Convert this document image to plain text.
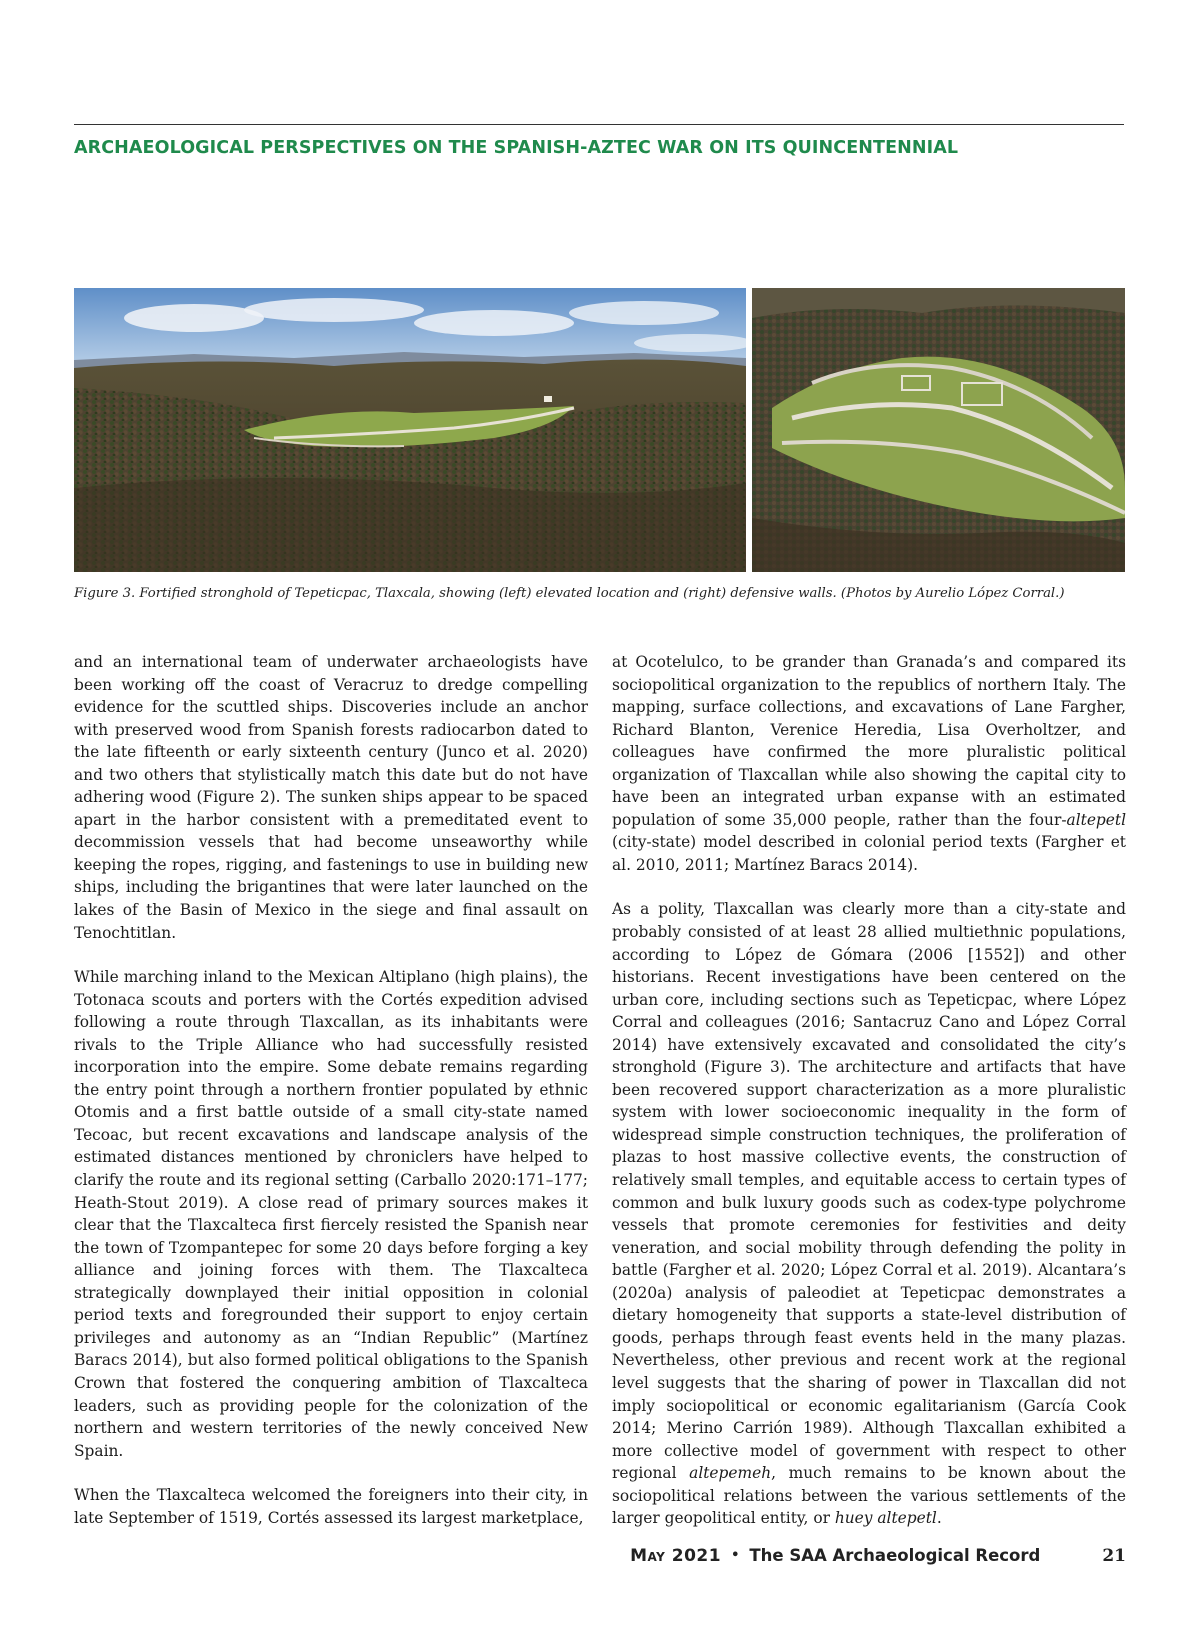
ARCHAEOLOGICAL PERSPECTIVES ON THE SPANISH-AZTEC WAR ON ITS QUINCENTENNIAL

Figure 3. Fortified stronghold of Tepeticpac, Tlaxcala, showing (left) elevated location and (right) defensive walls. (Photos by Aurelio López Corral.)

and an international team of underwater archaeologists have been working off the coast of Veracruz to dredge compelling evidence for the scuttled ships. Discoveries include an anchor with preserved wood from Spanish forests radiocarbon dated to the late fifteenth or early sixteenth century (Junco et al. 2020) and two others that stylistically match this date but do not have adhering wood (Figure 2). The sunken ships appear to be spaced apart in the harbor consistent with a premeditated event to decommission vessels that had become unseaworthy while keeping the ropes, rigging, and fastenings to use in building new ships, including the brigantines that were later launched on the lakes of the Basin of Mexico in the siege and final assault on Tenochtitlan.

While marching inland to the Mexican Altiplano (high plains), the Totonaca scouts and porters with the Cortés expedition advised following a route through Tlaxcallan, as its inhabitants were rivals to the Triple Alliance who had successfully resisted incorporation into the empire. Some debate remains regarding the entry point through a northern frontier populated by ethnic Otomis and a first battle outside of a small city-state named Tecoac, but recent excavations and landscape analysis of the estimated distances mentioned by chroniclers have helped to clarify the route and its regional setting (Carballo 2020:171–177; Heath-Stout 2019). A close read of primary sources makes it clear that the Tlaxcalteca first fiercely resisted the Spanish near the town of Tzompantepec for some 20 days before forging a key alliance and joining forces with them. The Tlaxcalteca strategically downplayed their initial opposition in colonial period texts and foregrounded their support to enjoy certain privileges and autonomy as an “Indian Republic” (Martínez Baracs 2014), but also formed political obligations to the Spanish Crown that fostered the conquering ambition of Tlaxcalteca leaders, such as providing people for the colonization of the northern and western territories of the newly conceived New Spain.

When the Tlaxcalteca welcomed the foreigners into their city, in late September of 1519, Cortés assessed its largest marketplace,

at Ocotelulco, to be grander than Granada’s and compared its sociopolitical organization to the republics of northern Italy. The mapping, surface collections, and excavations of Lane Fargher, Richard Blanton, Verenice Heredia, Lisa Overholtzer, and colleagues have confirmed the more pluralistic political organization of Tlaxcallan while also showing the capital city to have been an integrated urban expanse with an estimated population of some 35,000 people, rather than the four-altepetl (city-state) model described in colonial period texts (Fargher et al. 2010, 2011; Martínez Baracs 2014).

As a polity, Tlaxcallan was clearly more than a city-state and probably consisted of at least 28 allied multiethnic populations, according to López de Gómara (2006 [1552]) and other historians. Recent investigations have been centered on the urban core, including sections such as Tepeticpac, where López Corral and colleagues (2016; Santacruz Cano and López Corral 2014) have extensively excavated and consolidated the city’s stronghold (Figure 3). The architecture and artifacts that have been recovered support characterization as a more pluralistic system with lower socioeconomic inequality in the form of widespread simple construction techniques, the proliferation of plazas to host massive collective events, the construction of relatively small temples, and equitable access to certain types of common and bulk luxury goods such as codex-type polychrome vessels that promote ceremonies for festivities and deity veneration, and social mobility through defending the polity in battle (Fargher et al. 2020; López Corral et al. 2019). Alcantara’s (2020a) analysis of paleodiet at Tepeticpac demonstrates a dietary homogeneity that supports a state-level distribution of goods, perhaps through feast events held in the many plazas. Nevertheless, other previous and recent work at the regional level suggests that the sharing of power in Tlaxcallan did not imply sociopolitical or economic egalitarianism (García Cook 2014; Merino Carrión 1989). Although Tlaxcallan exhibited a more collective model of government with respect to other regional altepemeh, much remains to be known about the sociopolitical relations between the various settlements of the larger geopolitical entity, or huey altepetl.

May 2021 • The SAA Archaeological Record	21
